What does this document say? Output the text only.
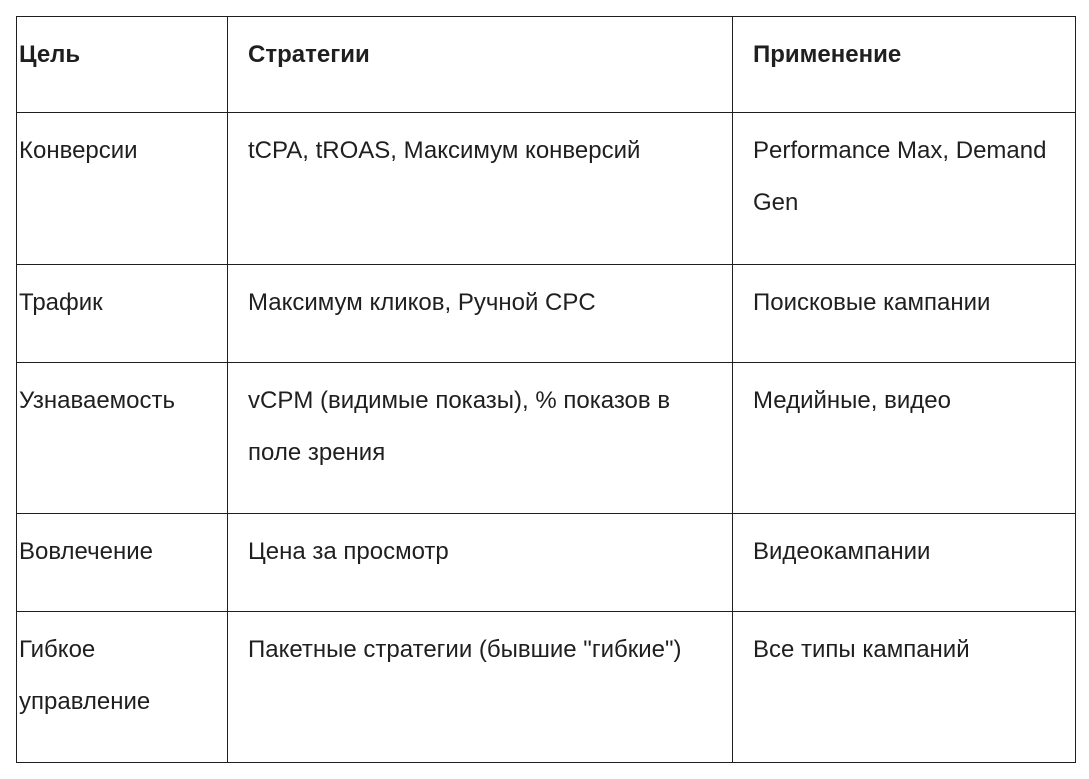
Цель	Стратегии	Применение
Конверсии	tCPA, tROAS, Максимум конверсий	Performance Max, Demand Gen
Трафик	Максимум кликов, Ручной CPC	Поисковые кампании
Узнаваемость	vCPM (видимые показы), % показов в поле зрения	Медийные, видео
Вовлечение	Цена за просмотр	Видеокампании
Гибкое управление	Пакетные стратегии (бывшие "гибкие")	Все типы кампаний
